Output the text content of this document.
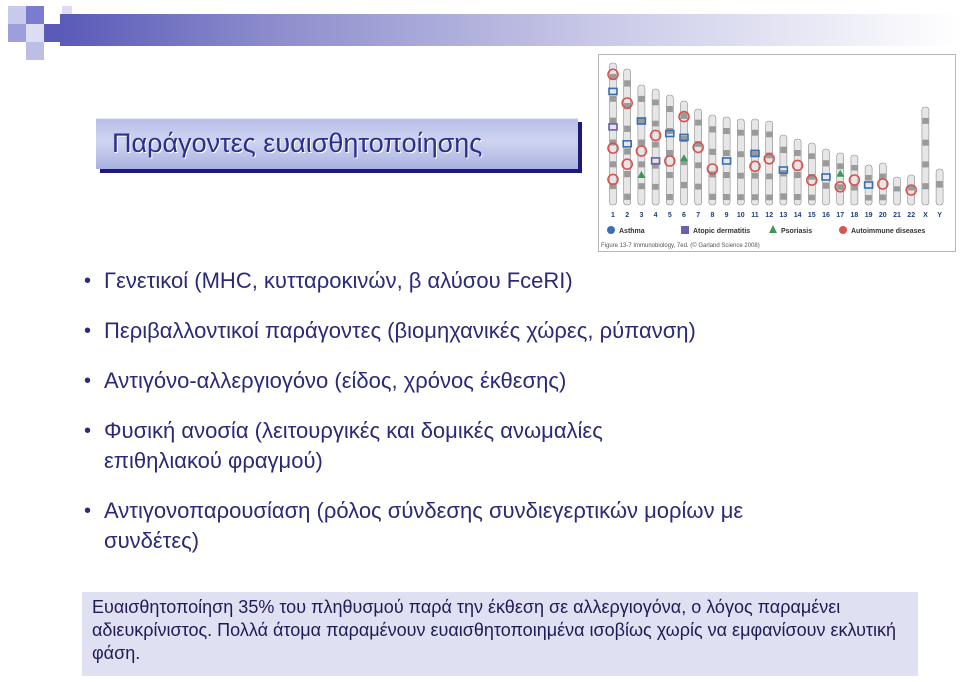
Παράγοντες ευαισθητοποίησης
1 2 3 4 5 6 7 8 9 10 11 12 13 14 15 16 17 18 19 20 21 22 X Y
Asthma	Atopic dermatitis	Psoriasis	Autoimmune diseases
Figure 13-7 Immunobiology, 7ed. (© Garland Science 2008)
• Γενετικοί (MHC, κυτταροκινών, β αλύσου FceRI)
• Περιβαλλοντικοί παράγοντες (βιομηχανικές χώρες, ρύπανση)
• Αντιγόνο-αλλεργιογόνο (είδος, χρόνος έκθεσης)
• Φυσική ανοσία (λειτουργικές και δομικές ανωμαλίες επιθηλιακού φραγμού)
• Αντιγονοπαρουσίαση (ρόλος σύνδεσης συνδιεγερτικών μορίων με συνδέτες)
Ευαισθητοποίηση 35% του πληθυσμού παρά την έκθεση σε αλλεργιογόνα, ο λόγος παραμένει αδιευκρίνιστος. Πολλά άτομα παραμένουν ευαισθητοποιημένα ισοβίως χωρίς να εμφανίσουν εκλυτική φάση.
